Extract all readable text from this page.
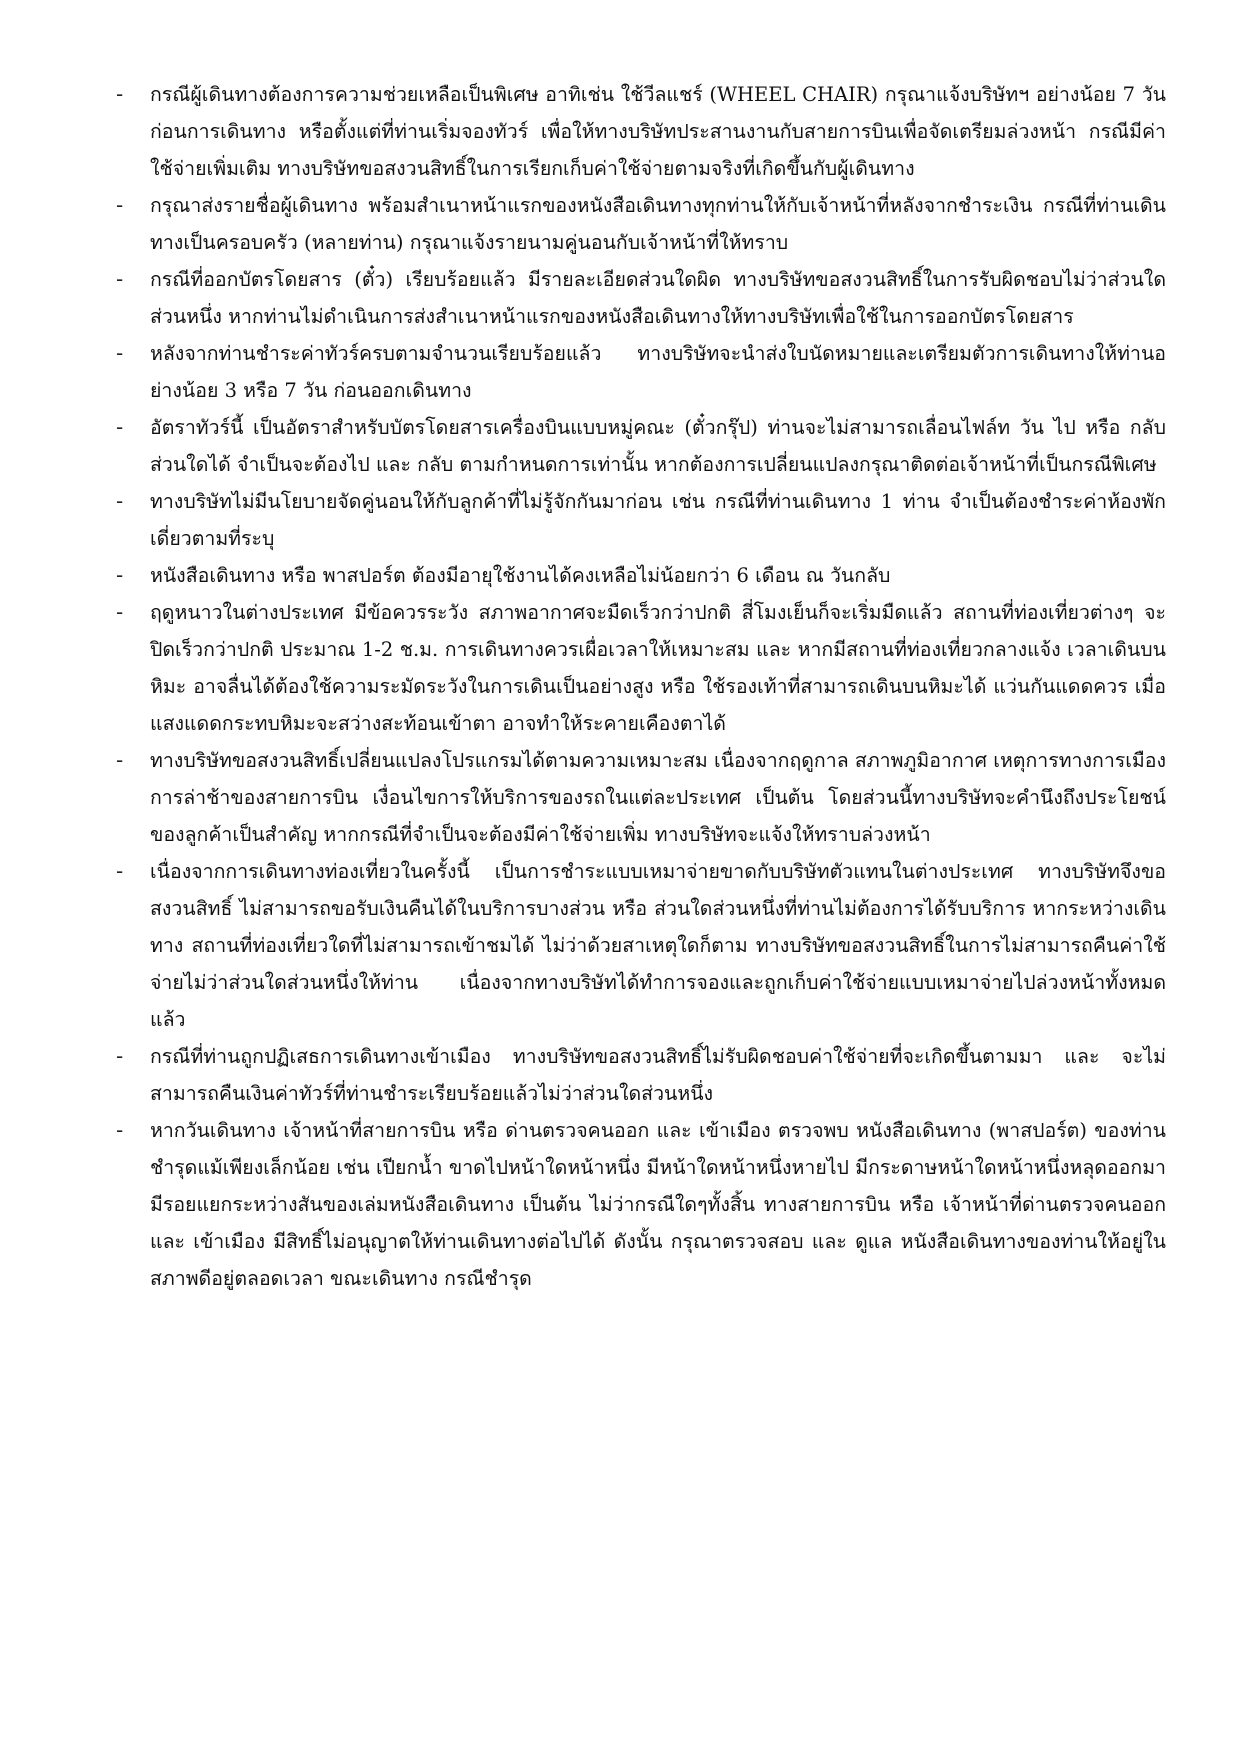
-	กรณีผู้เดินทางต้องการความช่วยเหลือเป็นพิเศษ อาทิเช่น ใช้วีลแชร์ (WHEEL CHAIR) กรุณาแจ้งบริษัทฯ อย่างน้อย 7 วันก่อนการเดินทาง หรือตั้งแต่ที่ท่านเริ่มจองทัวร์ เพื่อให้ทางบริษัทประสานงานกับสายการบินเพื่อจัดเตรียมล่วงหน้า กรณีมีค่าใช้จ่ายเพิ่มเติม ทางบริษัทขอสงวนสิทธิ์ในการเรียกเก็บค่าใช้จ่ายตามจริงที่เกิดขึ้นกับผู้เดินทาง
-	กรุณาส่งรายชื่อผู้เดินทาง พร้อมสำเนาหน้าแรกของหนังสือเดินทางทุกท่านให้กับเจ้าหน้าที่หลังจากชำระเงิน กรณีที่ท่านเดินทางเป็นครอบครัว (หลายท่าน) กรุณาแจ้งรายนามคู่นอนกับเจ้าหน้าที่ให้ทราบ
-	กรณีที่ออกบัตรโดยสาร (ตั๋ว) เรียบร้อยแล้ว มีรายละเอียดส่วนใดผิด ทางบริษัทขอสงวนสิทธิ์ในการรับผิดชอบไม่ว่าส่วนใดส่วนหนึ่ง หากท่านไม่ดำเนินการส่งสำเนาหน้าแรกของหนังสือเดินทางให้ทางบริษัทเพื่อใช้ในการออกบัตรโดยสาร
-	หลังจากท่านชำระค่าทัวร์ครบตามจำนวนเรียบร้อยแล้ว ทางบริษัทจะนำส่งใบนัดหมายและเตรียมตัวการเดินทางให้ท่านอย่างน้อย 3 หรือ 7 วัน ก่อนออกเดินทาง
-	อัตราทัวร์นี้ เป็นอัตราสำหรับบัตรโดยสารเครื่องบินแบบหมู่คณะ (ตั๋วกรุ๊ป) ท่านจะไม่สามารถเลื่อนไฟล์ท วัน ไป หรือ กลับส่วนใดได้ จำเป็นจะต้องไป และ กลับ ตามกำหนดการเท่านั้น หากต้องการเปลี่ยนแปลงกรุณาติดต่อเจ้าหน้าที่เป็นกรณีพิเศษ
-	ทางบริษัทไม่มีนโยบายจัดคู่นอนให้กับลูกค้าที่ไม่รู้จักกันมาก่อน เช่น กรณีที่ท่านเดินทาง 1 ท่าน จำเป็นต้องชำระค่าห้องพักเดี่ยวตามที่ระบุ
-	หนังสือเดินทาง หรือ พาสปอร์ต ต้องมีอายุใช้งานได้คงเหลือไม่น้อยกว่า 6 เดือน ณ วันกลับ
-	ฤดูหนาวในต่างประเทศ มีข้อควรระวัง สภาพอากาศจะมืดเร็วกว่าปกติ สี่โมงเย็นก็จะเริ่มมืดแล้ว สถานที่ท่องเที่ยวต่างๆ จะปิดเร็วกว่าปกติ ประมาณ 1-2 ช.ม. การเดินทางควรเผื่อเวลาให้เหมาะสม และ หากมีสถานที่ท่องเที่ยวกลางแจ้ง เวลาเดินบนหิมะ อาจลื่นได้ต้องใช้ความระมัดระวังในการเดินเป็นอย่างสูง หรือ ใช้รองเท้าที่สามารถเดินบนหิมะได้ แว่นกันแดดควร เมื่อแสงแดดกระทบหิมะจะสว่างสะท้อนเข้าตา อาจทำให้ระคายเคืองตาได้
-	ทางบริษัทขอสงวนสิทธิ์เปลี่ยนแปลงโปรแกรมได้ตามความเหมาะสม เนื่องจากฤดูกาล สภาพภูมิอากาศ เหตุการทางการเมือง การล่าช้าของสายการบิน เงื่อนไขการให้บริการของรถในแต่ละประเทศ เป็นต้น โดยส่วนนี้ทางบริษัทจะคำนึงถึงประโยชน์ของลูกค้าเป็นสำคัญ หากกรณีที่จำเป็นจะต้องมีค่าใช้จ่ายเพิ่ม ทางบริษัทจะแจ้งให้ทราบล่วงหน้า
-	เนื่องจากการเดินทางท่องเที่ยวในครั้งนี้ เป็นการชำระแบบเหมาจ่ายขาดกับบริษัทตัวแทนในต่างประเทศ ทางบริษัทจึงขอสงวนสิทธิ์ ไม่สามารถขอรับเงินคืนได้ในบริการบางส่วน หรือ ส่วนใดส่วนหนึ่งที่ท่านไม่ต้องการได้รับบริการ หากระหว่างเดินทาง สถานที่ท่องเที่ยวใดที่ไม่สามารถเข้าชมได้ ไม่ว่าด้วยสาเหตุใดก็ตาม ทางบริษัทขอสงวนสิทธิ์ในการไม่สามารถคืนค่าใช้จ่ายไม่ว่าส่วนใดส่วนหนึ่งให้ท่าน เนื่องจากทางบริษัทได้ทำการจองและถูกเก็บค่าใช้จ่ายแบบเหมาจ่ายไปล่วงหน้าทั้งหมดแล้ว
-	กรณีที่ท่านถูกปฏิเสธการเดินทางเข้าเมือง ทางบริษัทขอสงวนสิทธิ์ไม่รับผิดชอบค่าใช้จ่ายที่จะเกิดขึ้นตามมา และ จะไม่สามารถคืนเงินค่าทัวร์ที่ท่านชำระเรียบร้อยแล้วไม่ว่าส่วนใดส่วนหนึ่ง
-	หากวันเดินทาง เจ้าหน้าที่สายการบิน หรือ ด่านตรวจคนออก และ เข้าเมือง ตรวจพบ หนังสือเดินทาง (พาสปอร์ต) ของท่านชำรุดแม้เพียงเล็กน้อย เช่น เปียกน้ำ ขาดไปหน้าใดหน้าหนึ่ง มีหน้าใดหน้าหนึ่งหายไป มีกระดาษหน้าใดหน้าหนึ่งหลุดออกมา มีรอยแยกระหว่างสันของเล่มหนังสือเดินทาง เป็นต้น ไม่ว่ากรณีใดๆทั้งสิ้น ทางสายการบิน หรือ เจ้าหน้าที่ด่านตรวจคนออก และ เข้าเมือง มีสิทธิ์ไม่อนุญาตให้ท่านเดินทางต่อไปได้ ดังนั้น กรุณาตรวจสอบ และ ดูแล หนังสือเดินทางของท่านให้อยู่ในสภาพดีอยู่ตลอดเวลา ขณะเดินทาง กรณีชำรุด
